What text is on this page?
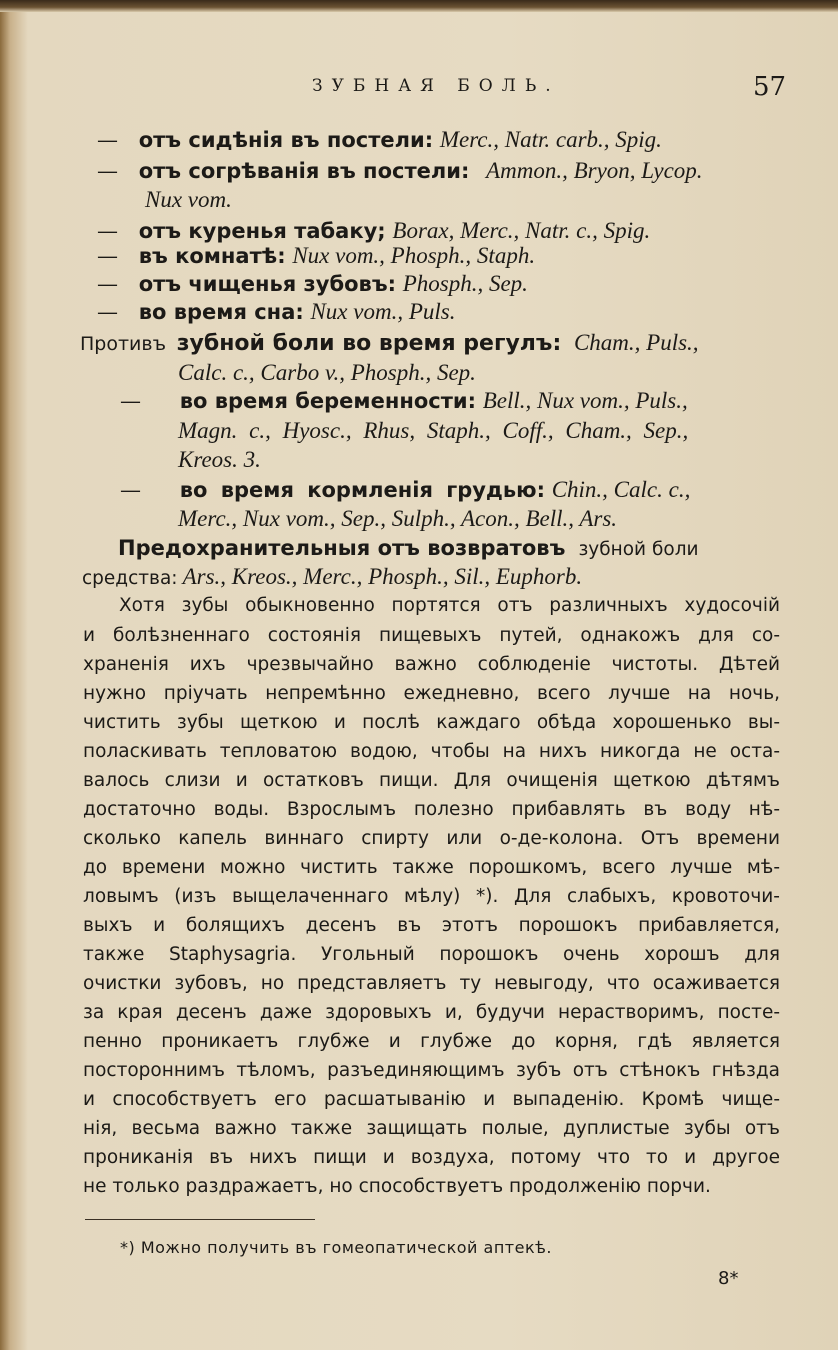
ЗУБНАЯ БОЛЬ.	57
— отъ сидѣнія въ постели: Merc., Natr. carb., Spig.
— отъ согрѣванія въ постели: Ammon., Bryon, Lycop.
Nux vom.
— отъ куренья табаку; Borax, Merc., Natr. c., Spig.
— въ комнатѣ: Nux vom., Phosph., Staph.
— отъ чищенья зубовъ: Phosph., Sep.
— во время сна: Nux vom., Puls.
Противъ зубной боли во время регулъ: Cham., Puls.,
Calc. c., Carbo v., Phosph., Sep.
— во время беременности: Bell., Nux vom., Puls.,
Magn. c., Hyosc., Rhus, Staph., Coff., Cham., Sep.,
Kreos. 3.
— во время кормленія грудью: Chin., Calc. c.,
Merc., Nux vom., Sep., Sulph., Acon., Bell., Ars.
Предохранительныя отъ возвратовъ зубной боли
средства: Ars., Kreos., Merc., Phosph., Sil., Euphorb.
Хотя зубы обыкновенно портятся отъ различныхъ худосочій
и болѣзненнаго состоянія пищевыхъ путей, однакожъ для со-
храненія ихъ чрезвычайно важно соблюденіе чистоты. Дѣтей
нужно пріучать непремѣнно ежедневно, всего лучше на ночь,
чистить зубы щеткою и послѣ каждаго обѣда хорошенько вы-
поласкивать тепловатою водою, чтобы на нихъ никогда не оста-
валось слизи и остатковъ пищи. Для очищенія щеткою дѣтямъ
достаточно воды. Взрослымъ полезно прибавлять въ воду нѣ-
сколько капель виннаго спирту или о-де-колона. Отъ времени
до времени можно чистить также порошкомъ, всего лучше мѣ-
ловымъ (изъ выщелаченнаго мѣлу) *). Для слабыхъ, кровоточи-
выхъ и болящихъ десенъ въ этотъ порошокъ прибавляется,
также Staphysagria. Угольный порошокъ очень хорошъ для
очистки зубовъ, но представляетъ ту невыгоду, что осаживается
за края десенъ даже здоровыхъ и, будучи нерастворимъ, посте-
пенно проникаетъ глубже и глубже до корня, гдѣ является
постороннимъ тѣломъ, разъединяющимъ зубъ отъ стѣнокъ гнѣзда
и способствуетъ его расшатыванію и выпаденію. Кромѣ чище-
нія, весьма важно также защищать полые, дуплистые зубы отъ
прониканія въ нихъ пищи и воздуха, потому что то и другое
не только раздражаетъ, но способствуетъ продолженію порчи.
*) Можно получить въ гомеопатической аптекѣ.
8*
